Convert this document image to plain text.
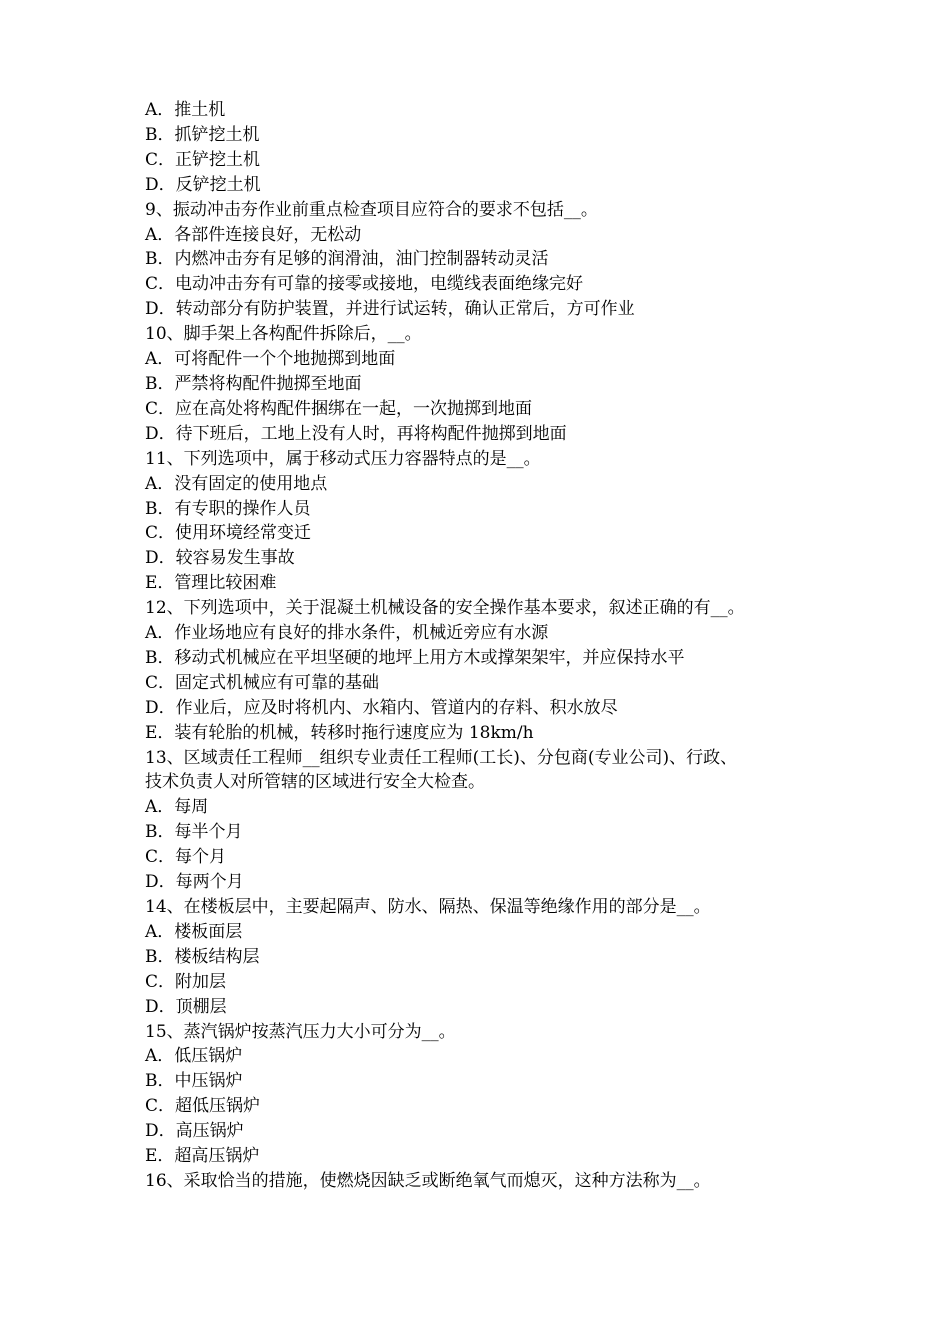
A．推土机

B．抓铲挖土机

C．正铲挖土机

D．反铲挖土机

9、振动冲击夯作业前重点检查项目应符合的要求不包括__。

A．各部件连接良好，无松动

B．内燃冲击夯有足够的润滑油，油门控制器转动灵活

C．电动冲击夯有可靠的接零或接地，电缆线表面绝缘完好

D．转动部分有防护装置，并进行试运转，确认正常后，方可作业

10、脚手架上各构配件拆除后，__。

A．可将配件一个个地抛掷到地面

B．严禁将构配件抛掷至地面

C．应在高处将构配件捆绑在一起，一次抛掷到地面

D．待下班后，工地上没有人时，再将构配件抛掷到地面

11、下列选项中，属于移动式压力容器特点的是__。

A．没有固定的使用地点

B．有专职的操作人员

C．使用环境经常变迁

D．较容易发生事故

E．管理比较困难

12、下列选项中，关于混凝土机械设备的安全操作基本要求，叙述正确的有__。

A．作业场地应有良好的排水条件，机械近旁应有水源

B．移动式机械应在平坦坚硬的地坪上用方木或撑架架牢，并应保持水平

C．固定式机械应有可靠的基础

D．作业后，应及时将机内、水箱内、管道内的存料、积水放尽

E．装有轮胎的机械，转移时拖行速度应为 18km/h

13、区域责任工程师__组织专业责任工程师(工长)、分包商(专业公司)、行政、

技术负责人对所管辖的区域进行安全大检查。

A．每周

B．每半个月

C．每个月

D．每两个月

14、在楼板层中，主要起隔声、防水、隔热、保温等绝缘作用的部分是__。

A．楼板面层

B．楼板结构层

C．附加层

D．顶棚层

15、蒸汽锅炉按蒸汽压力大小可分为__。

A．低压锅炉

B．中压锅炉

C．超低压锅炉

D．高压锅炉

E．超高压锅炉

16、采取恰当的措施，使燃烧因缺乏或断绝氧气而熄灭，这种方法称为__。
